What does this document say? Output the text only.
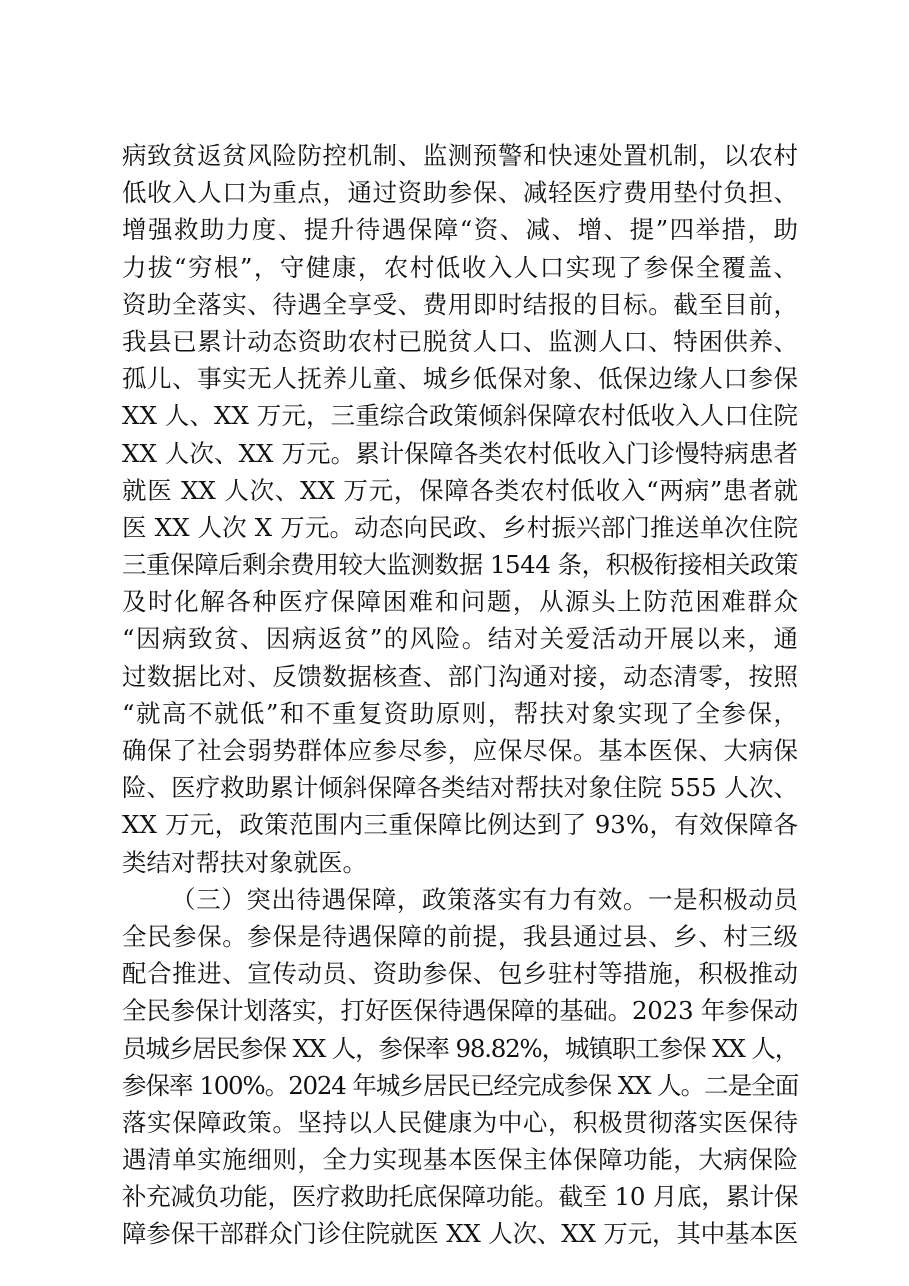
病致贫返贫风险防控机制、监测预警和快速处置机制，以农村
低收入人口为重点，通过资助参保、减轻医疗费用垫付负担、
增强救助力度、提升待遇保障“资、减、增、提”四举措，助
力拔“穷根”，守健康，农村低收入人口实现了参保全覆盖、
资助全落实、待遇全享受、费用即时结报的目标。截至目前，
我县已累计动态资助农村已脱贫人口、监测人口、特困供养、
孤儿、事实无人抚养儿童、城乡低保对象、低保边缘人口参保
XX 人、XX 万元，三重综合政策倾斜保障农村低收入人口住院
XX 人次、XX 万元。累计保障各类农村低收入门诊慢特病患者
就医 XX 人次、XX 万元，保障各类农村低收入“两病”患者就
医 XX 人次 X 万元。动态向民政、乡村振兴部门推送单次住院
三重保障后剩余费用较大监测数据 1544 条，积极衔接相关政策
及时化解各种医疗保障困难和问题，从源头上防范困难群众
“因病致贫、因病返贫”的风险。结对关爱活动开展以来，通
过数据比对、反馈数据核查、部门沟通对接，动态清零，按照
“就高不就低”和不重复资助原则，帮扶对象实现了全参保，
确保了社会弱势群体应参尽参，应保尽保。基本医保、大病保
险、医疗救助累计倾斜保障各类结对帮扶对象住院 555 人次、
XX 万元，政策范围内三重保障比例达到了 93%，有效保障各
类结对帮扶对象就医。
（三）突出待遇保障，政策落实有力有效。一是积极动员
全民参保。参保是待遇保障的前提，我县通过县、乡、村三级
配合推进、宣传动员、资助参保、包乡驻村等措施，积极推动
全民参保计划落实，打好医保待遇保障的基础。2023 年参保动
员城乡居民参保 XX 人，参保率 98.82%，城镇职工参保 XX 人，
参保率 100%。2024 年城乡居民已经完成参保 XX 人。二是全面
落实保障政策。坚持以人民健康为中心，积极贯彻落实医保待
遇清单实施细则，全力实现基本医保主体保障功能，大病保险
补充减负功能，医疗救助托底保障功能。截至 10 月底，累计保
障参保干部群众门诊住院就医 XX 人次、XX 万元，其中基本医
